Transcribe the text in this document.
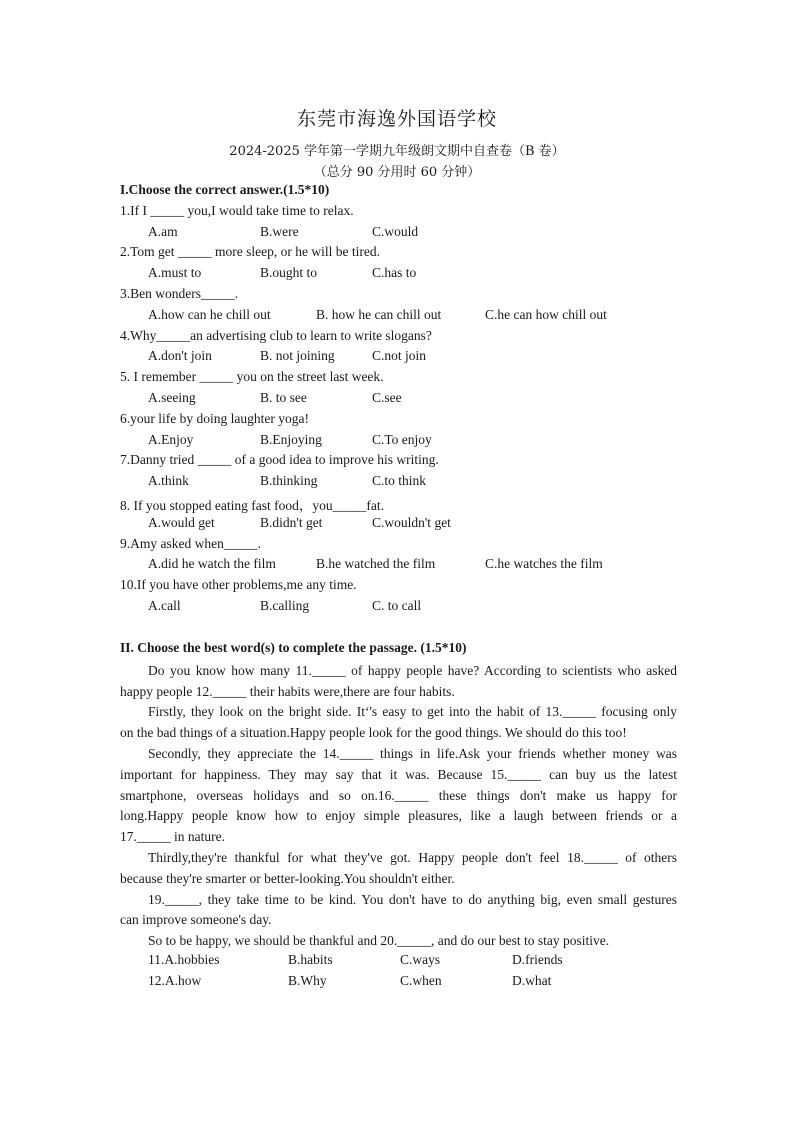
东莞市海逸外国语学校
2024-2025 学年第一学期九年级朗文期中自查卷（B 卷）
（总分 90 分用时 60 分钟）
I.Choose the correct answer.(1.5*10)
1.If I _____ you,I would take time to relax.
A.am	B.were	C.would
2.Tom get _____ more sleep, or he will be tired.
A.must to	B.ought to	C.has to
3.Ben wonders_____.
A.how can he chill out	B. how he can chill out	C.he can how chill out
4.Why_____an advertising club to learn to write slogans?
A.don't join	B. not joining	C.not join
5. I remember _____ you on the street last week.
A.seeing	B. to see	C.see
6.your life by doing laughter yoga!
A.Enjoy	B.Enjoying	C.To enjoy
7.Danny tried _____ of a good idea to improve his writing.
A.think	B.thinking	C.to think
8. If you stopped eating fast food，you_____fat.
A.would get	B.didn't get	C.wouldn't get
9.Amy asked when_____.
A.did he watch the film	B.he watched the film	C.he watches the film
10.If you have other problems,me any time.
A.call	B.calling	C. to call
II. Choose the best word(s) to complete the passage. (1.5*10)
Do you know how many 11._____ of happy people have? According to scientists who asked
happy people 12._____ their habits were,there are four habits.
Firstly, they look on the bright side. It‘'s easy to get into the habit of 13._____ focusing only
on the bad things of a situation.Happy people look for the good things. We should do this too!
Secondly, they appreciate the 14._____ things in life.Ask your friends whether money was
important for happiness. They may say that it was. Because 15._____ can buy us the latest
smartphone, overseas holidays and so on.16._____ these things don't make us happy for
long.Happy people know how to enjoy simple pleasures, like a laugh between friends or a
17._____ in nature.
Thirdly,they're thankful for what they've got. Happy people don't feel 18._____ of others
because they're smarter or better-looking.You shouldn't either.
19._____, they take time to be kind. You don't have to do anything big, even small gestures
can improve someone's day.
So to be happy, we should be thankful and 20._____, and do our best to stay positive.
11.A.hobbies	B.habits	C.ways	D.friends
12.A.how	B.Why	C.when	D.what
